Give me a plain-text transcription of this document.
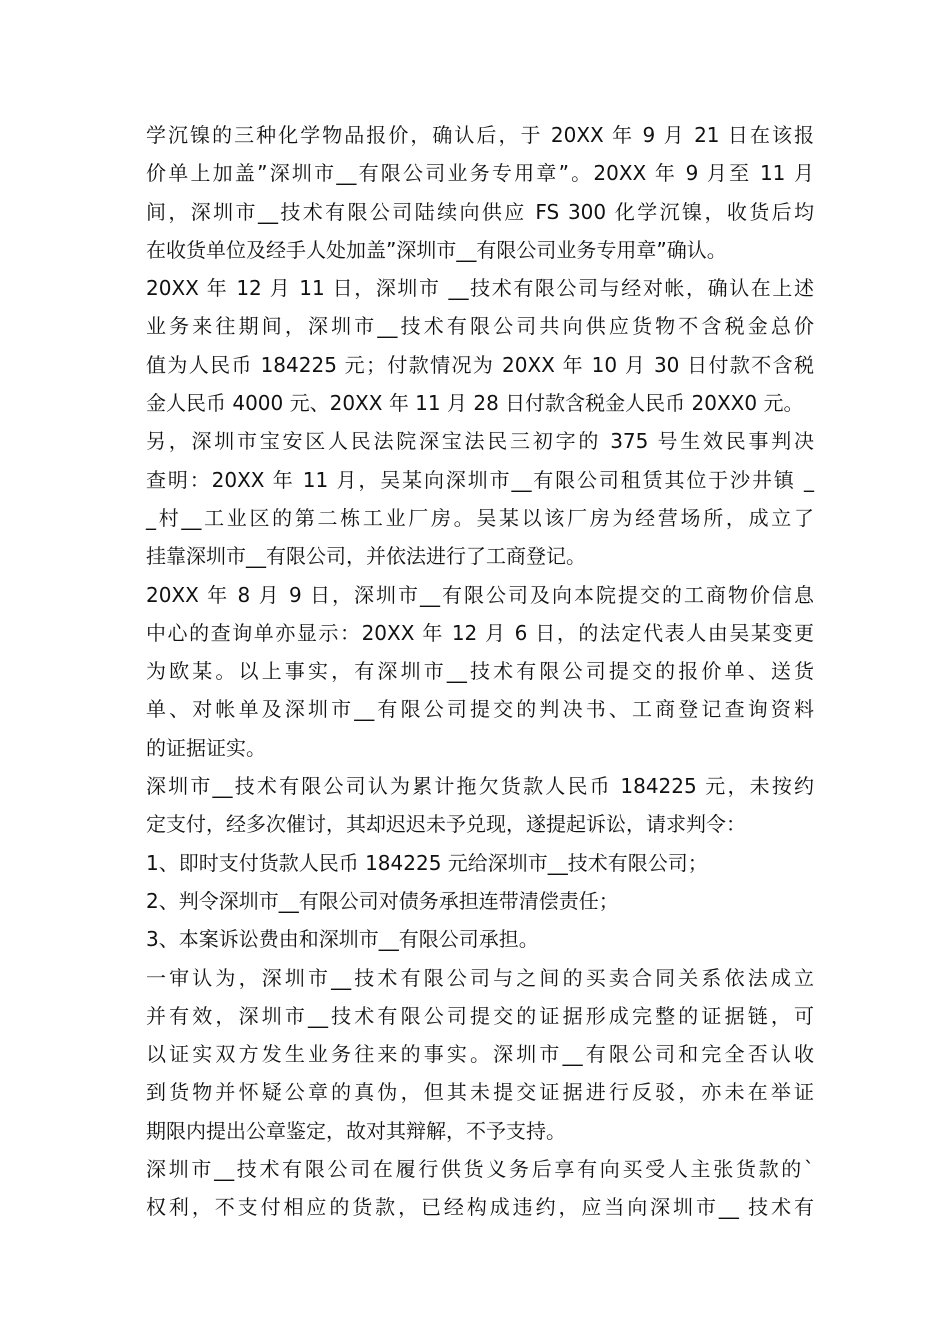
学沉镍的三种化学物品报价，确认后，于 20XX 年 9 月 21 日在该报
价单上加盖”深圳市__有限公司业务专用章”。20XX 年 9 月至 11 月
间，深圳市__技术有限公司陆续向供应 FS 300 化学沉镍，收货后均
在收货单位及经手人处加盖”深圳市__有限公司业务专用章”确认。
20XX 年 12 月 11 日，深圳市 __技术有限公司与经对帐，确认在上述
业务来往期间，深圳市__技术有限公司共向供应货物不含税金总价
值为人民币 184225 元；付款情况为 20XX 年 10 月 30 日付款不含税
金人民币 4000 元、20XX 年 11 月 28 日付款含税金人民币 20XX0 元。
另，深圳市宝安区人民法院深宝法民三初字的 375 号生效民事判决
查明：20XX 年 11 月，吴某向深圳市__有限公司租赁其位于沙井镇 _
_村__工业区的第二栋工业厂房。吴某以该厂房为经营场所，成立了
挂靠深圳市__有限公司，并依法进行了工商登记。
20XX 年 8 月 9 日，深圳市__有限公司及向本院提交的工商物价信息
中心的查询单亦显示：20XX 年 12 月 6 日，的法定代表人由吴某变更
为欧某。以上事实，有深圳市__技术有限公司提交的报价单、送货
单、对帐单及深圳市__有限公司提交的判决书、工商登记查询资料
的证据证实。
深圳市__技术有限公司认为累计拖欠货款人民币 184225 元，未按约
定支付，经多次催讨，其却迟迟未予兑现，遂提起诉讼，请求判令：
1、即时支付货款人民币 184225 元给深圳市__技术有限公司；
2、判令深圳市__有限公司对债务承担连带清偿责任；
3、本案诉讼费由和深圳市__有限公司承担。
一审认为，深圳市__技术有限公司与之间的买卖合同关系依法成立
并有效，深圳市__技术有限公司提交的证据形成完整的证据链，可
以证实双方发生业务往来的事实。深圳市__有限公司和完全否认收
到货物并怀疑公章的真伪，但其未提交证据进行反驳，亦未在举证
期限内提出公章鉴定，故对其辩解，不予支持。
深圳市__技术有限公司在履行供货义务后享有向买受人主张货款的`
权利，不支付相应的货款，已经构成违约，应当向深圳市__ 技术有
